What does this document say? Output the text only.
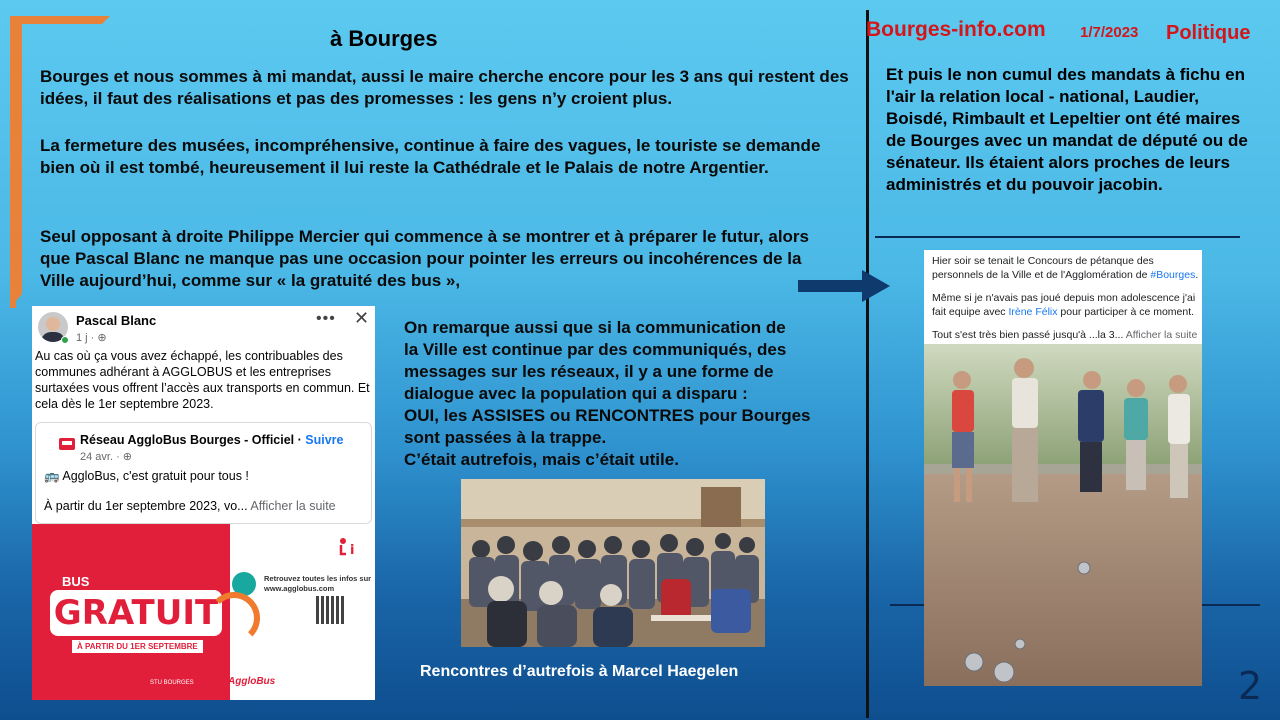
à Bourges
Bourges et nous sommes à mi mandat, aussi le maire cherche encore pour les 3 ans qui restent des idées, il faut des réalisations et pas des promesses : les gens n’y croient plus.
La fermeture des musées, incompréhensive, continue à faire des vagues, le touriste se demande bien où il est tombé, heureusement il lui reste la Cathédrale et le Palais de notre Argentier.
Seul opposant à droite Philippe Mercier qui commence à se montrer et à préparer le futur, alors que Pascal Blanc ne manque pas une occasion pour pointer les erreurs ou incohérences de la Ville aujourd’hui, comme sur « la gratuité des bus »,
On remarque aussi que si la communication de
la Ville est continue par des communiqués, des
messages sur les réseaux, il y a une forme de
dialogue avec la population qui a disparu :
OUI, les ASSISES ou RENCONTRES pour Bourges
sont passées à la trappe.
C’était autrefois, mais c’était utile.
Bourges-info.com 1/7/2023 Politique
Et puis le non cumul des mandats à fichu en l'air la relation local - national, Laudier, Boisdé, Rimbault et Lepeltier ont été maires de Bourges avec un mandat de député ou de sénateur. Ils étaient alors proches de leurs administrés et du pouvoir jacobin.
Pascal Blanc
1 j · ⊕
••• ✕
Au cas où ça vous avez échappé, les contribuables des communes adhérant à AGGLOBUS et les entreprises surtaxées vous offrent l’accès aux transports en commun. Et cela dès le 1er septembre 2023.
Réseau AggloBus Bourges - Officiel · Suivre
24 avr. · ⊕
🚌 AggloBus, c'est gratuit pour tous !
À partir du 1er septembre 2023, vo... Afficher la suite
i
BUS
GRATUIT
À PARTIR DU 1ER SEPTEMBRE
Retrouvez toutes les infos sur www.agglobus.com
STU BOURGES	AggloBus
Rencontres d’autrefois à Marcel Haegelen

Hier soir se tenait le Concours de pétanque des personnels de la Ville et de l'Agglomération de #Bourges.

Même si je n'avais pas joué depuis mon adolescence j'ai fait equipe avec Irène Félix pour participer à ce moment.

Tout s'est très bien passé jusqu'à ...la 3... Afficher la suite

2
